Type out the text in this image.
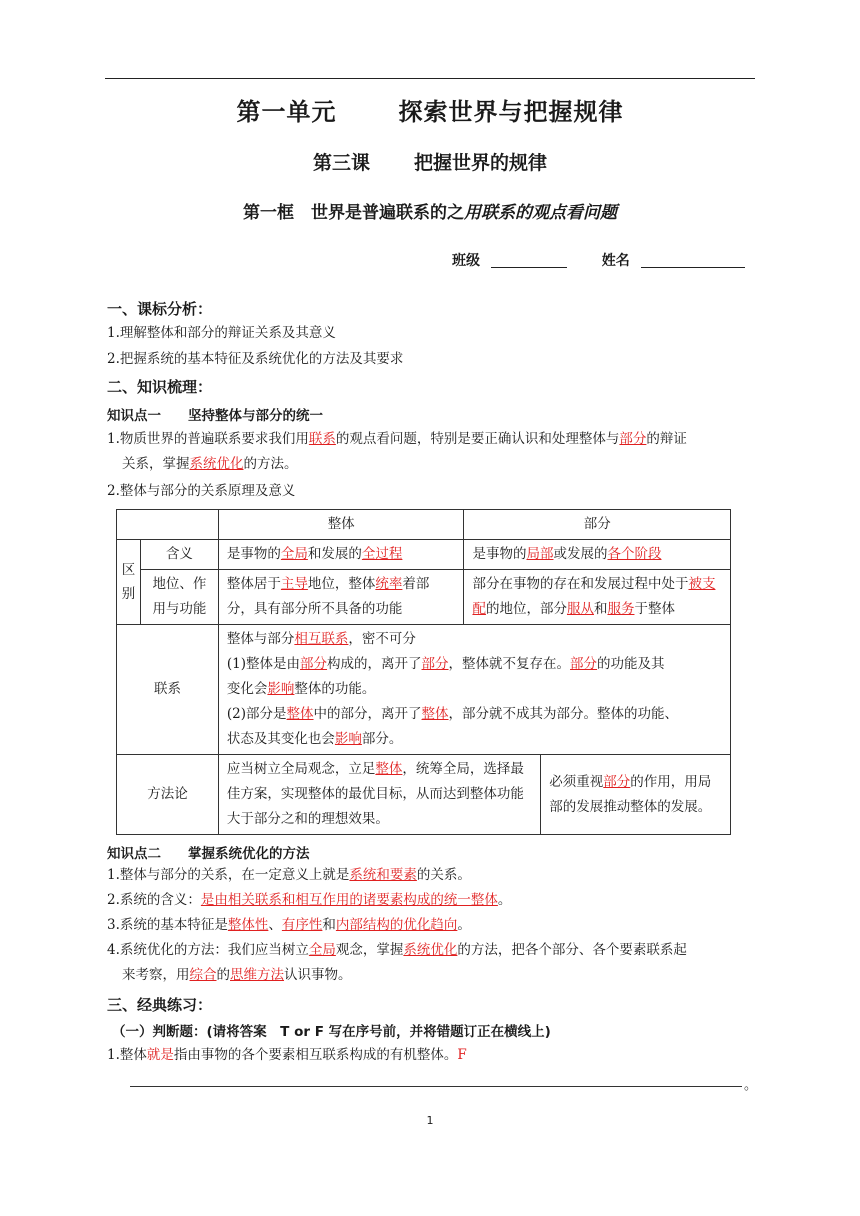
第一单元	探索世界与把握规律
第三课 把握世界的规律
第一框　世界是普遍联系的之用联系的观点看问题
班级	姓名
一、课标分析：
1.理解整体和部分的辩证关系及其意义
2.把握系统的基本特征及系统优化的方法及其要求
二、知识梳理：
知识点一　　坚持整体与部分的统一
1.物质世界的普遍联系要求我们用联系的观点看问题，特别是要正确认识和处理整体与部分的辩证
关系，掌握系统优化的方法。
2.整体与部分的关系原理及意义
		整体	部分	
区别	含义	是事物的全局和发展的全过程	是事物的局部或发展的各个阶段	
	地位、作用与功能	整体居于主导地位，整体统率着部分，具有部分所不具备的功能	部分在事物的存在和发展过程中处于被支配的地位，部分服从和服务于整体	
联系		整体与部分相互联系，密不可分
(1)整体是由部分构成的，离开了部分，整体就不复存在。部分的功能及其
变化会影响整体的功能。
(2)部分是整体中的部分，离开了整体，部分就不成其为部分。整体的功能、
状态及其变化也会影响部分。		

方法论		应当树立全局观念，立足整体，统筹全局，选择最佳方案，实现整体的最优目标，从而达到整体功能大于部分之和的理想效果。		必须重视部分的作用，用局部的发展推动整体的发展。
知识点二　　掌握系统优化的方法
1.整体与部分的关系，在一定意义上就是系统和要素的关系。
2.系统的含义：是由相关联系和相互作用的诸要素构成的统一整体。
3.系统的基本特征是整体性、有序性和内部结构的优化趋向。
4.系统优化的方法：我们应当树立全局观念，掌握系统优化的方法，把各个部分、各个要素联系起
来考察，用综合的思维方法认识事物。
三、经典练习：
（一）判断题：(请将答案　T or F 写在序号前，并将错题订正在横线上)
1.整体就是指由事物的各个要素相互联系构成的有机整体。F
。
1
